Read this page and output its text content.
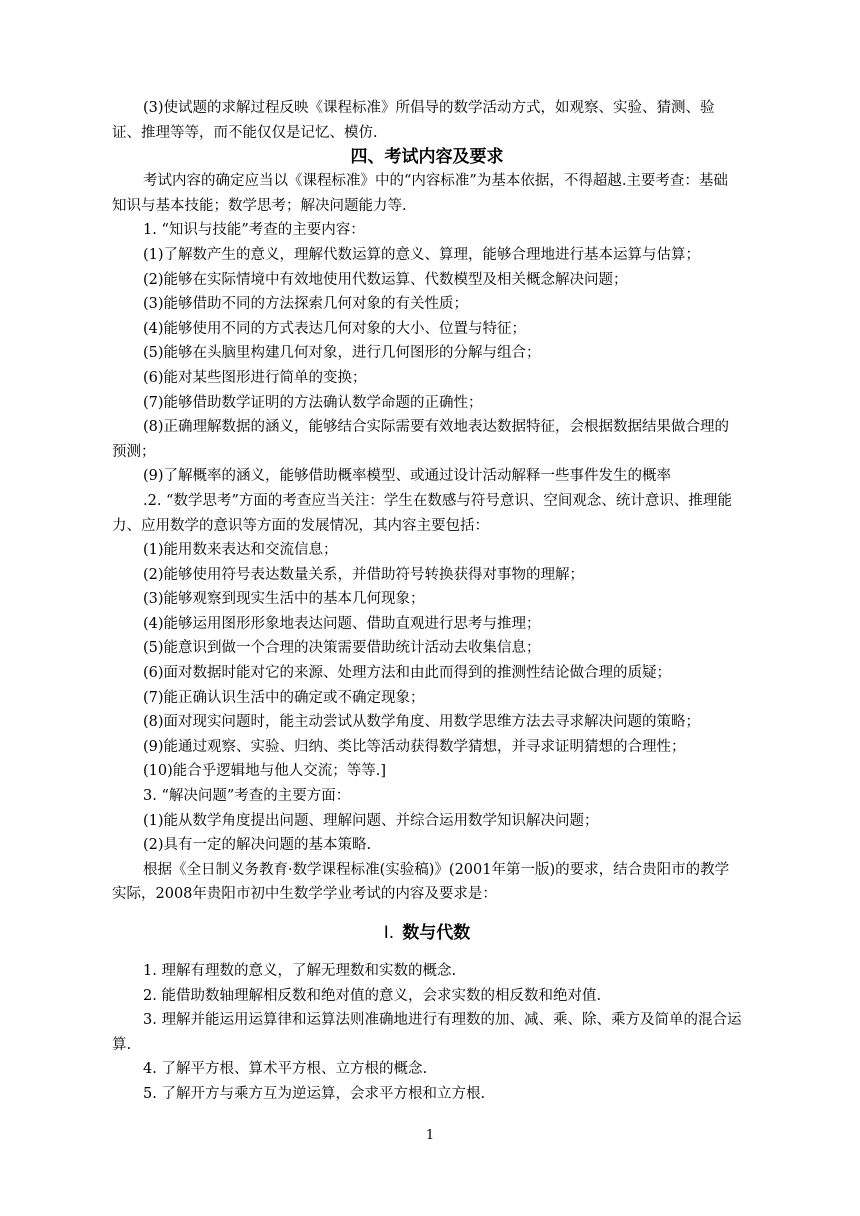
(3)使试题的求解过程反映《课程标准》所倡导的数学活动方式，如观察、实验、猜测、验证、推理等等，而不能仅仅是记忆、模仿.

四、考试内容及要求

考试内容的确定应当以《课程标准》中的“内容标准”为基本依据，不得超越.主要考查：基础知识与基本技能；数学思考；解决问题能力等.

1. “知识与技能”考查的主要内容：

(1)了解数产生的意义，理解代数运算的意义、算理，能够合理地进行基本运算与估算；

(2)能够在实际情境中有效地使用代数运算、代数模型及相关概念解决问题；

(3)能够借助不同的方法探索几何对象的有关性质；

(4)能够使用不同的方式表达几何对象的大小、位置与特征；

(5)能够在头脑里构建几何对象，进行几何图形的分解与组合；

(6)能对某些图形进行简单的变换；

(7)能够借助数学证明的方法确认数学命题的正确性；

(8)正确理解数据的涵义，能够结合实际需要有效地表达数据特征，会根据数据结果做合理的预测；

(9)了解概率的涵义，能够借助概率模型、或通过设计活动解释一些事件发生的概率

.2. “数学思考”方面的考查应当关注：学生在数感与符号意识、空间观念、统计意识、推理能力、应用数学的意识等方面的发展情况，其内容主要包括：

(1)能用数来表达和交流信息；

(2)能够使用符号表达数量关系，并借助符号转换获得对事物的理解；

(3)能够观察到现实生活中的基本几何现象；

(4)能够运用图形形象地表达问题、借助直观进行思考与推理；

(5)能意识到做一个合理的决策需要借助统计活动去收集信息；

(6)面对数据时能对它的来源、处理方法和由此而得到的推测性结论做合理的质疑；

(7)能正确认识生活中的确定或不确定现象；

(8)面对现实问题时，能主动尝试从数学角度、用数学思维方法去寻求解决问题的策略；

(9)能通过观察、实验、归纳、类比等活动获得数学猜想，并寻求证明猜想的合理性；

(10)能合乎逻辑地与他人交流；等等.]

3. “解决问题”考查的主要方面：

(1)能从数学角度提出问题、理解问题、并综合运用数学知识解决问题；

(2)具有一定的解决问题的基本策略.

根据《全日制义务教育·数学课程标准(实验稿)》(2001年第一版)的要求，结合贵阳市的教学实际，2008年贵阳市初中生数学学业考试的内容及要求是：

Ⅰ. 数与代数

1. 理解有理数的意义，了解无理数和实数的概念.

2. 能借助数轴理解相反数和绝对值的意义，会求实数的相反数和绝对值.

3. 理解并能运用运算律和运算法则准确地进行有理数的加、减、乘、除、乘方及简单的混合运算.

4. 了解平方根、算术平方根、立方根的概念.

5. 了解开方与乘方互为逆运算，会求平方根和立方根.

1
